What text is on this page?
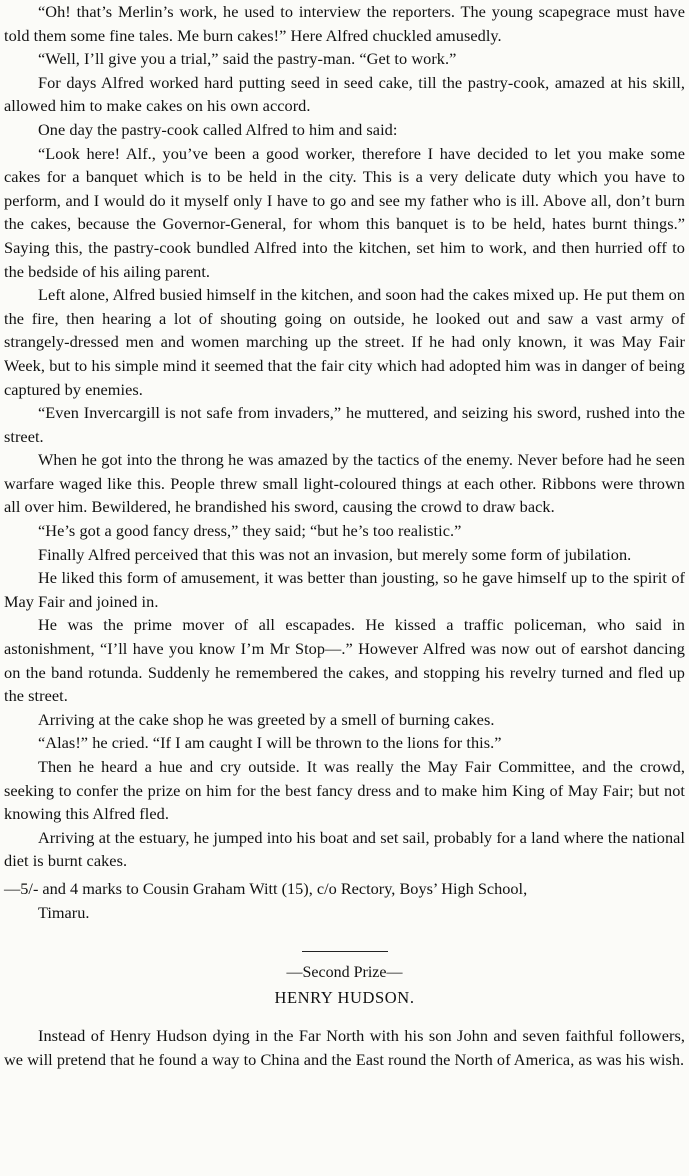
“Oh! that’s Merlin’s work, he used to interview the reporters. The young scapegrace must have told them some fine tales. Me burn cakes!” Here Alfred chuckled amusedly.

“Well, I’ll give you a trial,” said the pastry-man. “Get to work.”

For days Alfred worked hard putting seed in seed cake, till the pastry-cook, amazed at his skill, allowed him to make cakes on his own accord.

One day the pastry-cook called Alfred to him and said:

“Look here! Alf., you’ve been a good worker, therefore I have decided to let you make some cakes for a banquet which is to be held in the city. This is a very delicate duty which you have to perform, and I would do it myself only I have to go and see my father who is ill. Above all, don’t burn the cakes, because the Governor-General, for whom this banquet is to be held, hates burnt things.” Saying this, the pastry-cook bundled Alfred into the kitchen, set him to work, and then hurried off to the bedside of his ailing parent.

Left alone, Alfred busied himself in the kitchen, and soon had the cakes mixed up. He put them on the fire, then hearing a lot of shouting going on outside, he looked out and saw a vast army of strangely-dressed men and women marching up the street. If he had only known, it was May Fair Week, but to his simple mind it seemed that the fair city which had adopted him was in danger of being captured by enemies.

“Even Invercargill is not safe from invaders,” he muttered, and seizing his sword, rushed into the street.

When he got into the throng he was amazed by the tactics of the enemy. Never before had he seen warfare waged like this. People threw small light-coloured things at each other. Ribbons were thrown all over him. Bewildered, he brandished his sword, causing the crowd to draw back.

“He’s got a good fancy dress,” they said; “but he’s too realistic.”

Finally Alfred perceived that this was not an invasion, but merely some form of jubilation.

He liked this form of amusement, it was better than jousting, so he gave himself up to the spirit of May Fair and joined in.

He was the prime mover of all escapades. He kissed a traffic policeman, who said in astonishment, “I’ll have you know I’m Mr Stop—.” However Alfred was now out of earshot dancing on the band rotunda. Suddenly he remembered the cakes, and stopping his revelry turned and fled up the street.

Arriving at the cake shop he was greeted by a smell of burning cakes.

“Alas!” he cried. “If I am caught I will be thrown to the lions for this.”

Then he heard a hue and cry outside. It was really the May Fair Committee, and the crowd, seeking to confer the prize on him for the best fancy dress and to make him King of May Fair; but not knowing this Alfred fled.

Arriving at the estuary, he jumped into his boat and set sail, probably for a land where the national diet is burnt cakes.

—5/- and 4 marks to Cousin Graham Witt (15), c/o Rectory, Boys’ High School,
Timaru.

—Second Prize—

HENRY HUDSON.

Instead of Henry Hudson dying in the Far North with his son John and seven faithful followers, we will pretend that he found a way to China and the East round the North of America, as was his wish.
